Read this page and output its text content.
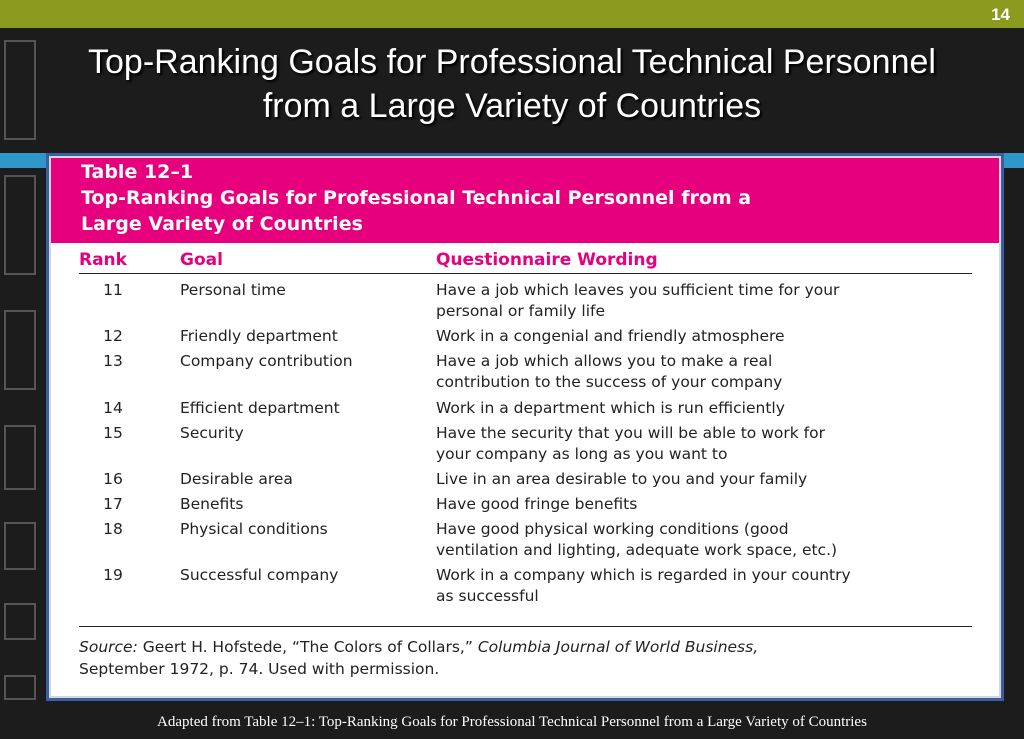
14
Top-Ranking Goals for Professional Technical Personnel
from a Large Variety of Countries
Table 12–1
Top-Ranking Goals for Professional Technical Personnel from a
Large Variety of Countries
Rank	Goal	Questionnaire Wording
11	Personal time	Have a job which leaves you sufficient time for your
personal or family life
12	Friendly department	Work in a congenial and friendly atmosphere
13	Company contribution	Have a job which allows you to make a real
contribution to the success of your company
14	Efficient department	Work in a department which is run efficiently
15	Security	Have the security that you will be able to work for
your company as long as you want to
16	Desirable area	Live in an area desirable to you and your family
17	Benefits	Have good fringe benefits
18	Physical conditions	Have good physical working conditions (good
ventilation and lighting, adequate work space, etc.)
19	Successful company	Work in a company which is regarded in your country
as successful
Source: Geert H. Hofstede, “The Colors of Collars,” Columbia Journal of World Business,
September 1972, p. 74. Used with permission.
Adapted from Table 12–1: Top-Ranking Goals for Professional Technical Personnel from a Large Variety of Countries
